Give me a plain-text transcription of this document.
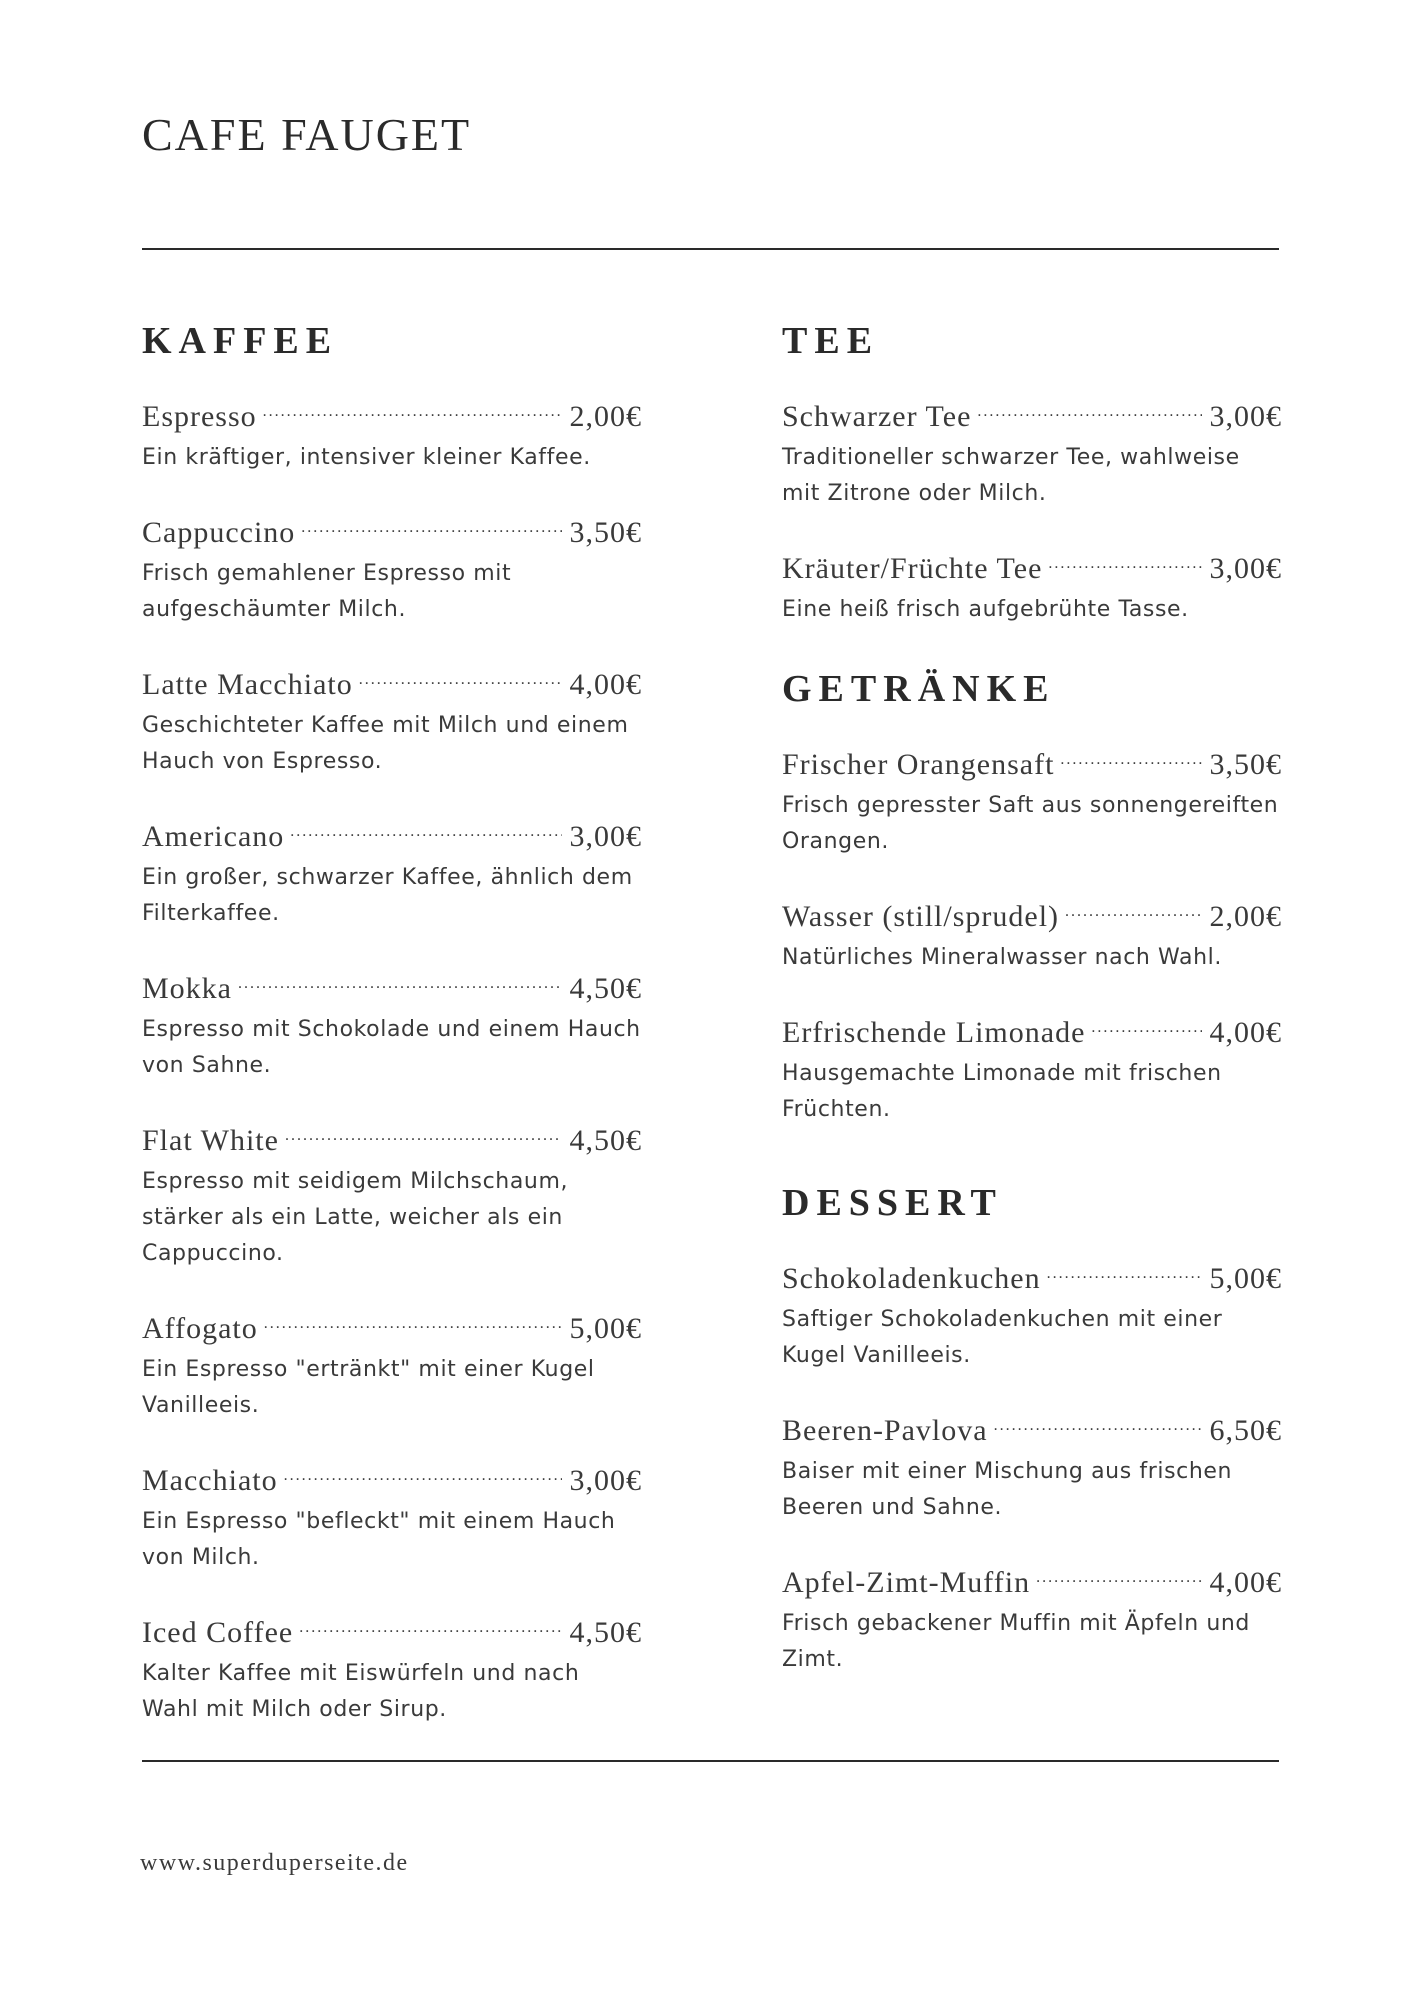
CAFE FAUGET
KAFFEE
Espresso . . .	2,00€
Ein kräftiger, intensiver kleiner Kaffee.
Cappuccino . . .	3,50€
Frisch gemahlener Espresso mit aufgeschäumter Milch.
Latte Macchiato . . .	4,00€
Geschichteter Kaffee mit Milch und einem Hauch von Espresso.
Americano . . .	3,00€
Ein großer, schwarzer Kaffee, ähnlich dem Filterkaffee.
Mokka . . .	4,50€
Espresso mit Schokolade und einem Hauch von Sahne.
Flat White . . .	4,50€
Espresso mit seidigem Milchschaum, stärker als ein Latte, weicher als ein Cappuccino.
Affogato . . .	5,00€
Ein Espresso "ertränkt" mit einer Kugel Vanilleeis.
Macchiato . . .	3,00€
Ein Espresso "befleckt" mit einem Hauch von Milch.
Iced Coffee . . .	4,50€
Kalter Kaffee mit Eiswürfeln und nach Wahl mit Milch oder Sirup.
TEE
Schwarzer Tee . . .	3,00€
Traditioneller schwarzer Tee, wahlweise mit Zitrone oder Milch.
Kräuter/Früchte Tee . . .	3,00€
Eine heiß frisch aufgebrühte Tasse.
GETRÄNKE
Frischer Orangensaft . . .	3,50€
Frisch gepresster Saft aus sonnengereiften Orangen.
Wasser (still/sprudel) . . .	2,00€
Natürliches Mineralwasser nach Wahl.
Erfrischende Limonade . . .	4,00€
Hausgemachte Limonade mit frischen Früchten.
DESSERT
Schokoladenkuchen . . .	5,00€
Saftiger Schokoladenkuchen mit einer Kugel Vanilleeis.
Beeren-Pavlova . . .	6,50€
Baiser mit einer Mischung aus frischen Beeren und Sahne.
Apfel-Zimt-Muffin . . .	4,00€
Frisch gebackener Muffin mit Äpfeln und Zimt.
www.superduperseite.de
